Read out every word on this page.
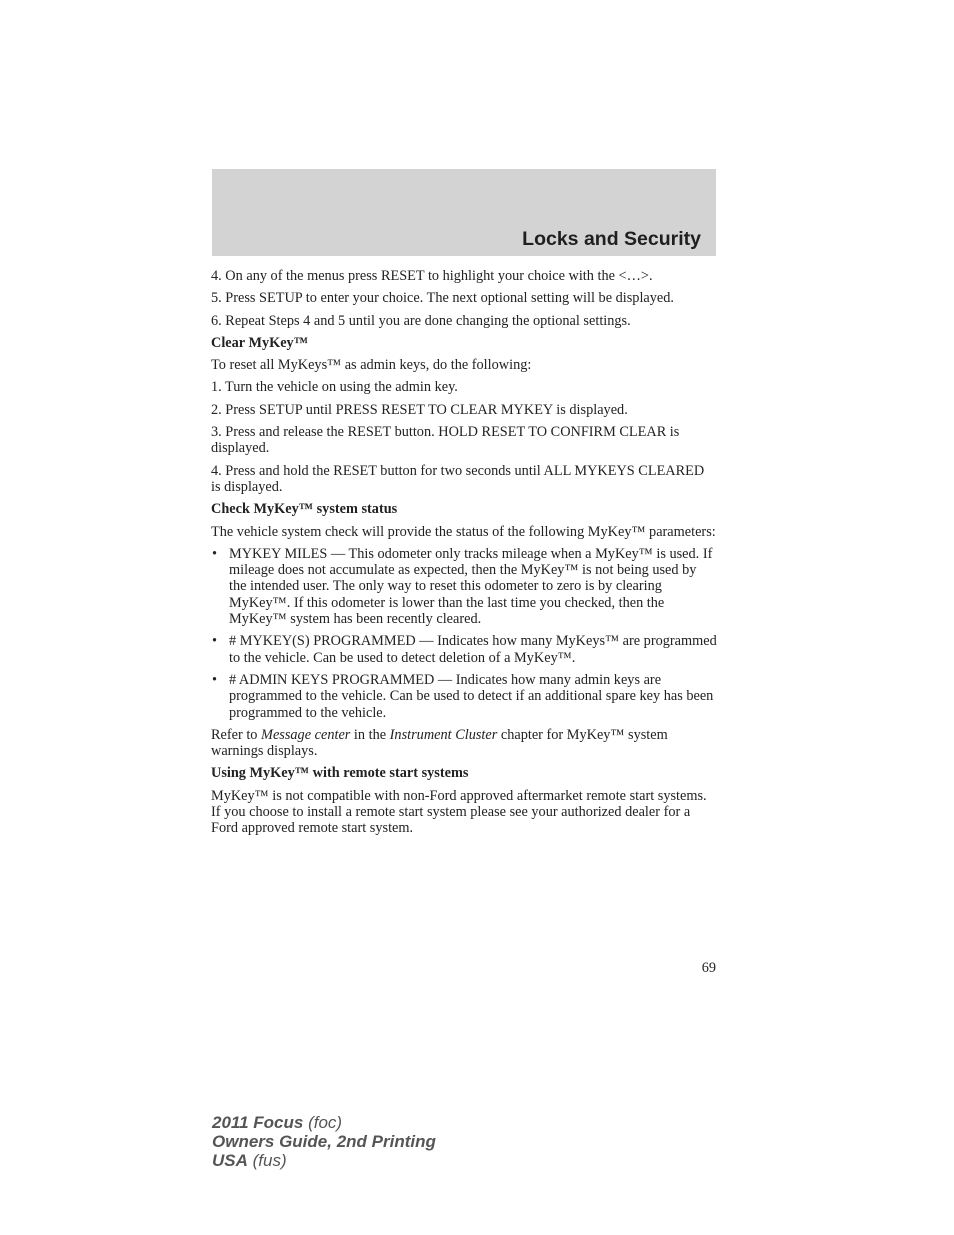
Locks and Security

4. On any of the menus press RESET to highlight your choice with the <…>.

5. Press SETUP to enter your choice. The next optional setting will be displayed.

6. Repeat Steps 4 and 5 until you are done changing the optional settings.

Clear MyKey™

To reset all MyKeys™ as admin keys, do the following:

1. Turn the vehicle on using the admin key.

2. Press SETUP until PRESS RESET TO CLEAR MYKEY is displayed.

3. Press and release the RESET button. HOLD RESET TO CONFIRM CLEAR is displayed.

4. Press and hold the RESET button for two seconds until ALL MYKEYS CLEARED is displayed.

Check MyKey™ system status

The vehicle system check will provide the status of the following MyKey™ parameters:

• MYKEY MILES — This odometer only tracks mileage when a MyKey™ is used. If mileage does not accumulate as expected, then the MyKey™ is not being used by the intended user. The only way to reset this odometer to zero is by clearing MyKey™. If this odometer is lower than the last time you checked, then the MyKey™ system has been recently cleared.
• # MYKEY(S) PROGRAMMED — Indicates how many MyKeys™ are programmed to the vehicle. Can be used to detect deletion of a MyKey™.
• # ADMIN KEYS PROGRAMMED — Indicates how many admin keys are programmed to the vehicle. Can be used to detect if an additional spare key has been programmed to the vehicle.

Refer to Message center in the Instrument Cluster chapter for MyKey™ system warnings displays.

Using MyKey™ with remote start systems

MyKey™ is not compatible with non-Ford approved aftermarket remote start systems. If you choose to install a remote start system please see your authorized dealer for a Ford approved remote start system.

69
2011 Focus (foc)
Owners Guide, 2nd Printing
USA (fus)
